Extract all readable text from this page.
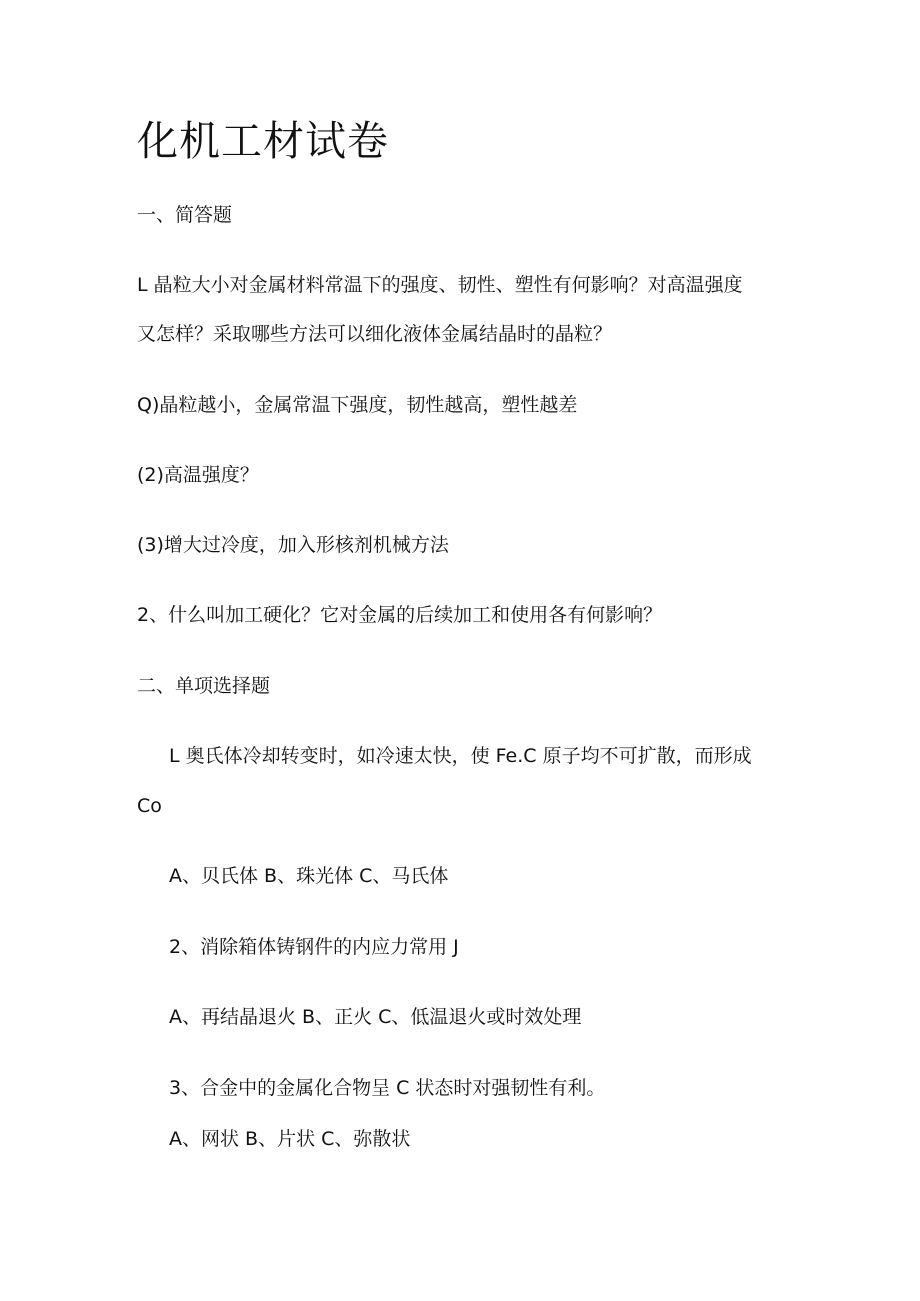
化机工材试卷
一、简答题
L 晶粒大小对金属材料常温下的强度、韧性、塑性有何影响？对高温强度
又怎样？采取哪些方法可以细化液体金属结晶时的晶粒？
Q)晶粒越小，金属常温下强度，韧性越高，塑性越差
(2)高温强度？
(3)增大过冷度，加入形核剂机械方法
2、什么叫加工硬化？它对金属的后续加工和使用各有何影响？
二、单项选择题
L 奥氏体冷却转变时，如冷速太快，使 Fe.C 原子均不可扩散，而形成
Co
A、贝氏体 B、珠光体 C、马氏体
2、消除箱体铸钢件的内应力常用 J
A、再结晶退火 B、正火 C、低温退火或时效处理
3、合金中的金属化合物呈 C 状态时对强韧性有利。
A、网状 B、片状 C、弥散状
